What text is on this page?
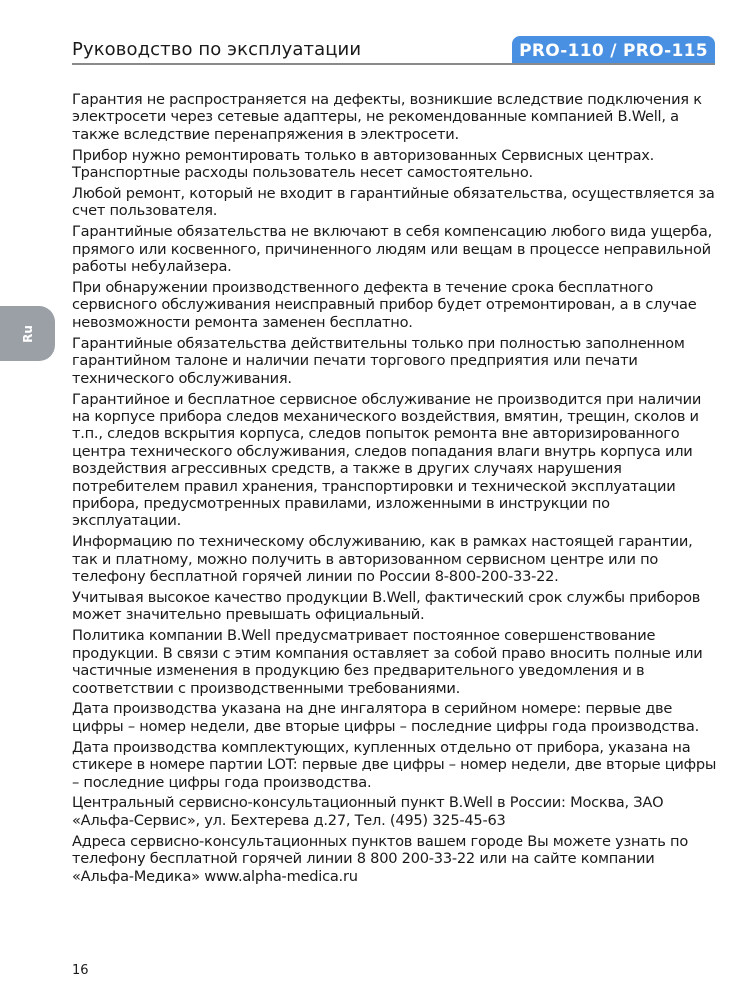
Руководство по эксплуатации	PRO-110 / PRO-115
Ru

Гарантия не распространяется на дефекты, возникшие вследствие подключения к электросети через сетевые адаптеры, не рекомендованные компанией B.Well, а также вследствие перенапряжения в электросети.

Прибор нужно ремонтировать только в авторизованных Сервисных центрах. Транспортные расходы пользователь несет самостоятельно.

Любой ремонт, который не входит в гарантийные обязательства, осуществляется за счет пользователя.

Гарантийные обязательства не включают в себя компенсацию любого вида ущерба, прямого или косвенного, причиненного людям или вещам в процессе неправильной работы небулайзера.

При обнаружении производственного дефекта в течение срока бесплатного сервисного обслуживания неисправный прибор будет отремонтирован, а в случае невозможности ремонта заменен бесплатно.

Гарантийные обязательства действительны только при полностью заполненном гарантийном талоне и наличии печати торгового предприятия или печати технического обслуживания.

Гарантийное и бесплатное сервисное обслуживание не производится при наличии на корпусе прибора следов механического воздействия, вмятин, трещин, сколов и т.п., следов вскрытия корпуса, следов попыток ремонта вне авторизированного центра технического обслуживания, следов попадания влаги внутрь корпуса или воздействия агрессивных средств, а также в других случаях нарушения потребителем правил хранения, транспортировки и технической эксплуатации прибора, предусмотренных правилами, изложенными в инструкции по эксплуатации.

Информацию по техническому обслуживанию, как в рамках настоящей гарантии, так и платному, можно получить в авторизованном сервисном центре или по телефону бесплатной горячей линии по России 8-800-200-33-22.

Учитывая высокое качество продукции B.Well, фактический срок службы приборов может значительно превышать официальный.

Политика компании B.Well предусматривает постоянное совершенствование продукции. В связи с этим компания оставляет за собой право вносить полные или частичные изменения в продукцию без предварительного уведомления и в соответствии с производственными требованиями.

Дата производства указана на дне ингалятора в серийном номере: первые две цифры – номер недели, две вторые цифры – последние цифры года производства.

Дата производства комплектующих, купленных отдельно от прибора, указана на стикере в номере партии LOT: первые две цифры – номер недели, две вторые цифры – последние цифры года производства.

Центральный сервисно-консультационный пункт B.Well в России: Москва, ЗАО «Альфа-Сервис», ул. Бехтерева д.27, Тел. (495) 325-45-63

Адреса сервисно-консультационных пунктов вашем городе Вы можете узнать по телефону бесплатной горячей линии 8 800 200-33-22 или на сайте компании «Альфа-Медика» www.alpha-medica.ru

16
